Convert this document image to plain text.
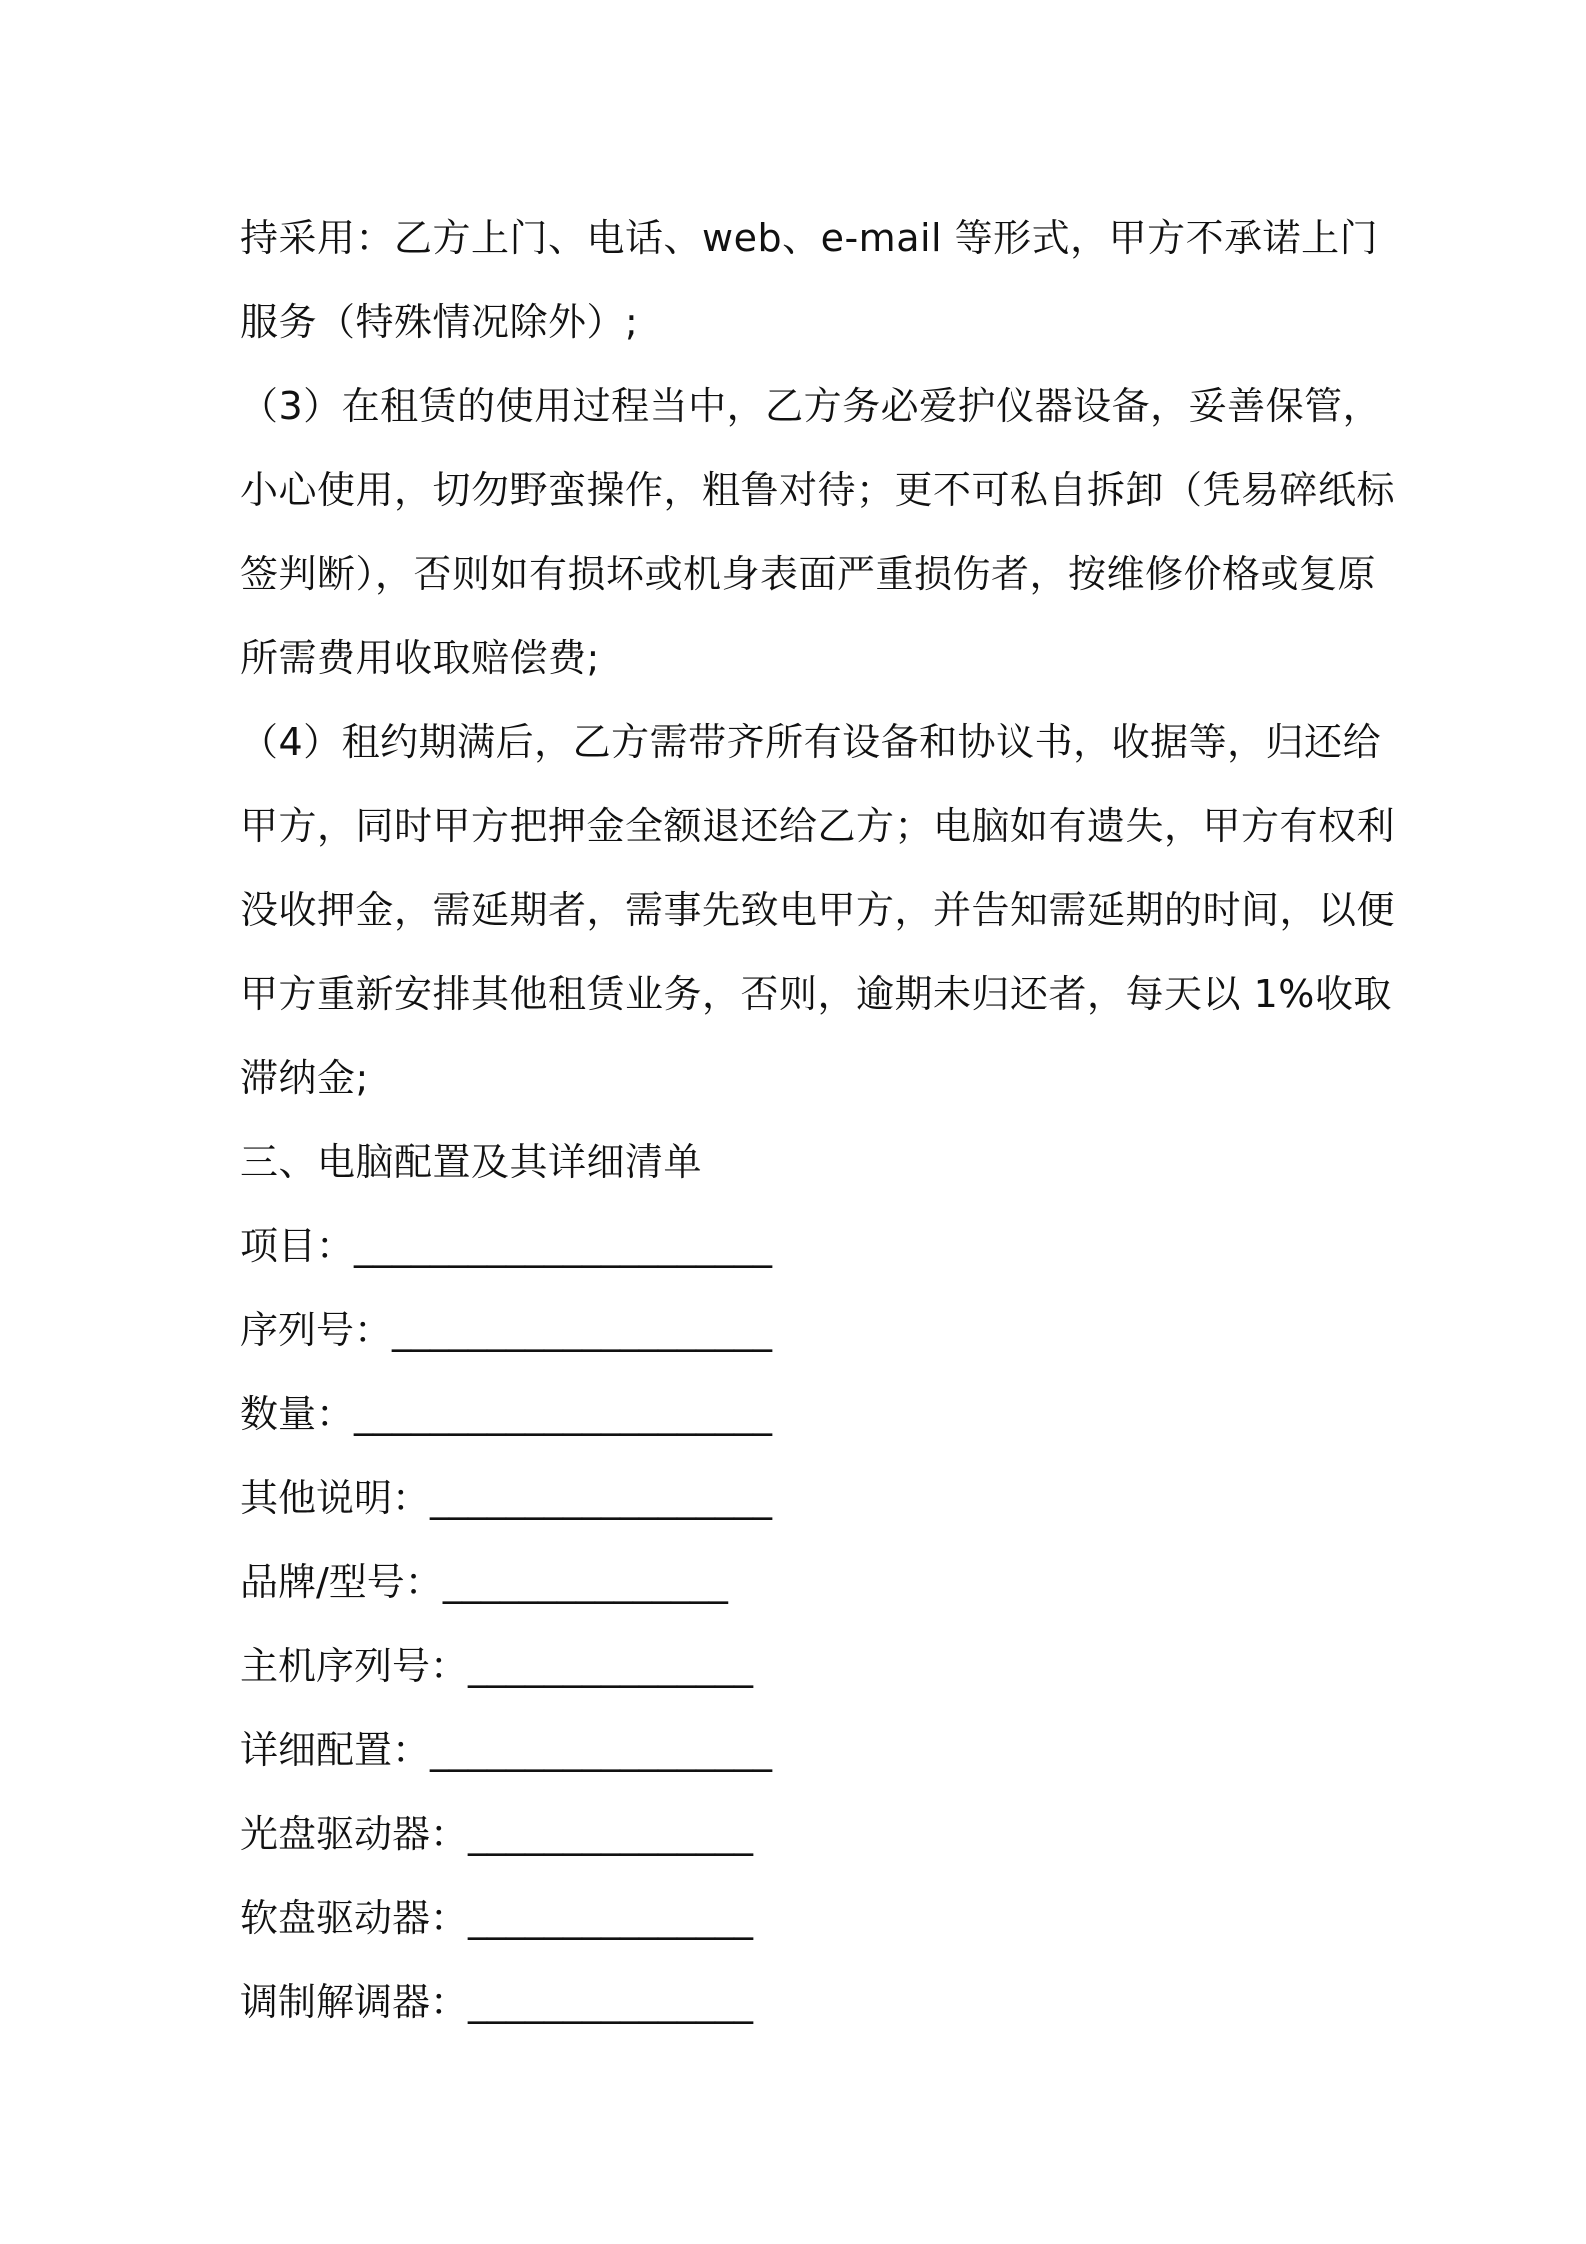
持采用：乙方上门、电话、web、e-mail 等形式，甲方不承诺上门
服务（特殊情况除外）;
（3）在租赁的使用过程当中，乙方务必爱护仪器设备，妥善保管，
小心使用，切勿野蛮操作，粗鲁对待；更不可私自拆卸（凭易碎纸标
签判断），否则如有损坏或机身表面严重损伤者，按维修价格或复原
所需费用收取赔偿费;
（4）租约期满后，乙方需带齐所有设备和协议书，收据等，归还给
甲方，同时甲方把押金全额退还给乙方；电脑如有遗失，甲方有权利
没收押金，需延期者，需事先致电甲方，并告知需延期的时间，以便
甲方重新安排其他租赁业务，否则，逾期未归还者，每天以 1%收取
滞纳金;
三、电脑配置及其详细清单
项目：______________________
序列号：____________________
数量：______________________
其他说明：__________________
品牌/型号：_______________
主机序列号：_______________
详细配置：__________________
光盘驱动器：_______________
软盘驱动器：_______________
调制解调器：_______________
